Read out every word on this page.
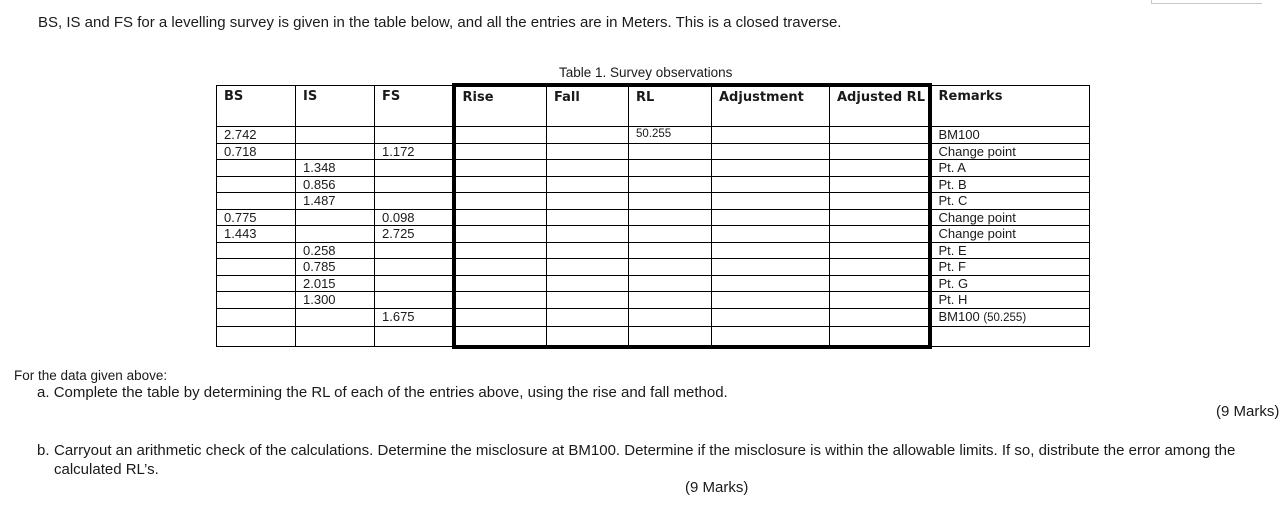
BS, IS and FS for a levelling survey is given in the table below, and all the entries are in Meters. This is a closed traverse.
Table 1. Survey observations
BS	IS	FS	Rise	Fall	RL	Adjustment	Adjusted RL	Remarks
2.742					50.255			BM100
0.718		1.172						Change point
	1.348							Pt. A
	0.856							Pt. B
	1.487							Pt. C
0.775		0.098						Change point
1.443		2.725						Change point
	0.258							Pt. E
	0.785							Pt. F
	2.015							Pt. G
	1.300							Pt. H
		1.675						BM100 (50.255)

For the data given above:
a. Complete the table by determining the RL of each of the entries above, using the rise and fall method.
(9 Marks)
b. Carryout an arithmetic check of the calculations. Determine the misclosure at BM100. Determine if the misclosure is within the allowable limits. If so, distribute the error among the calculated RL’s.
(9 Marks)
